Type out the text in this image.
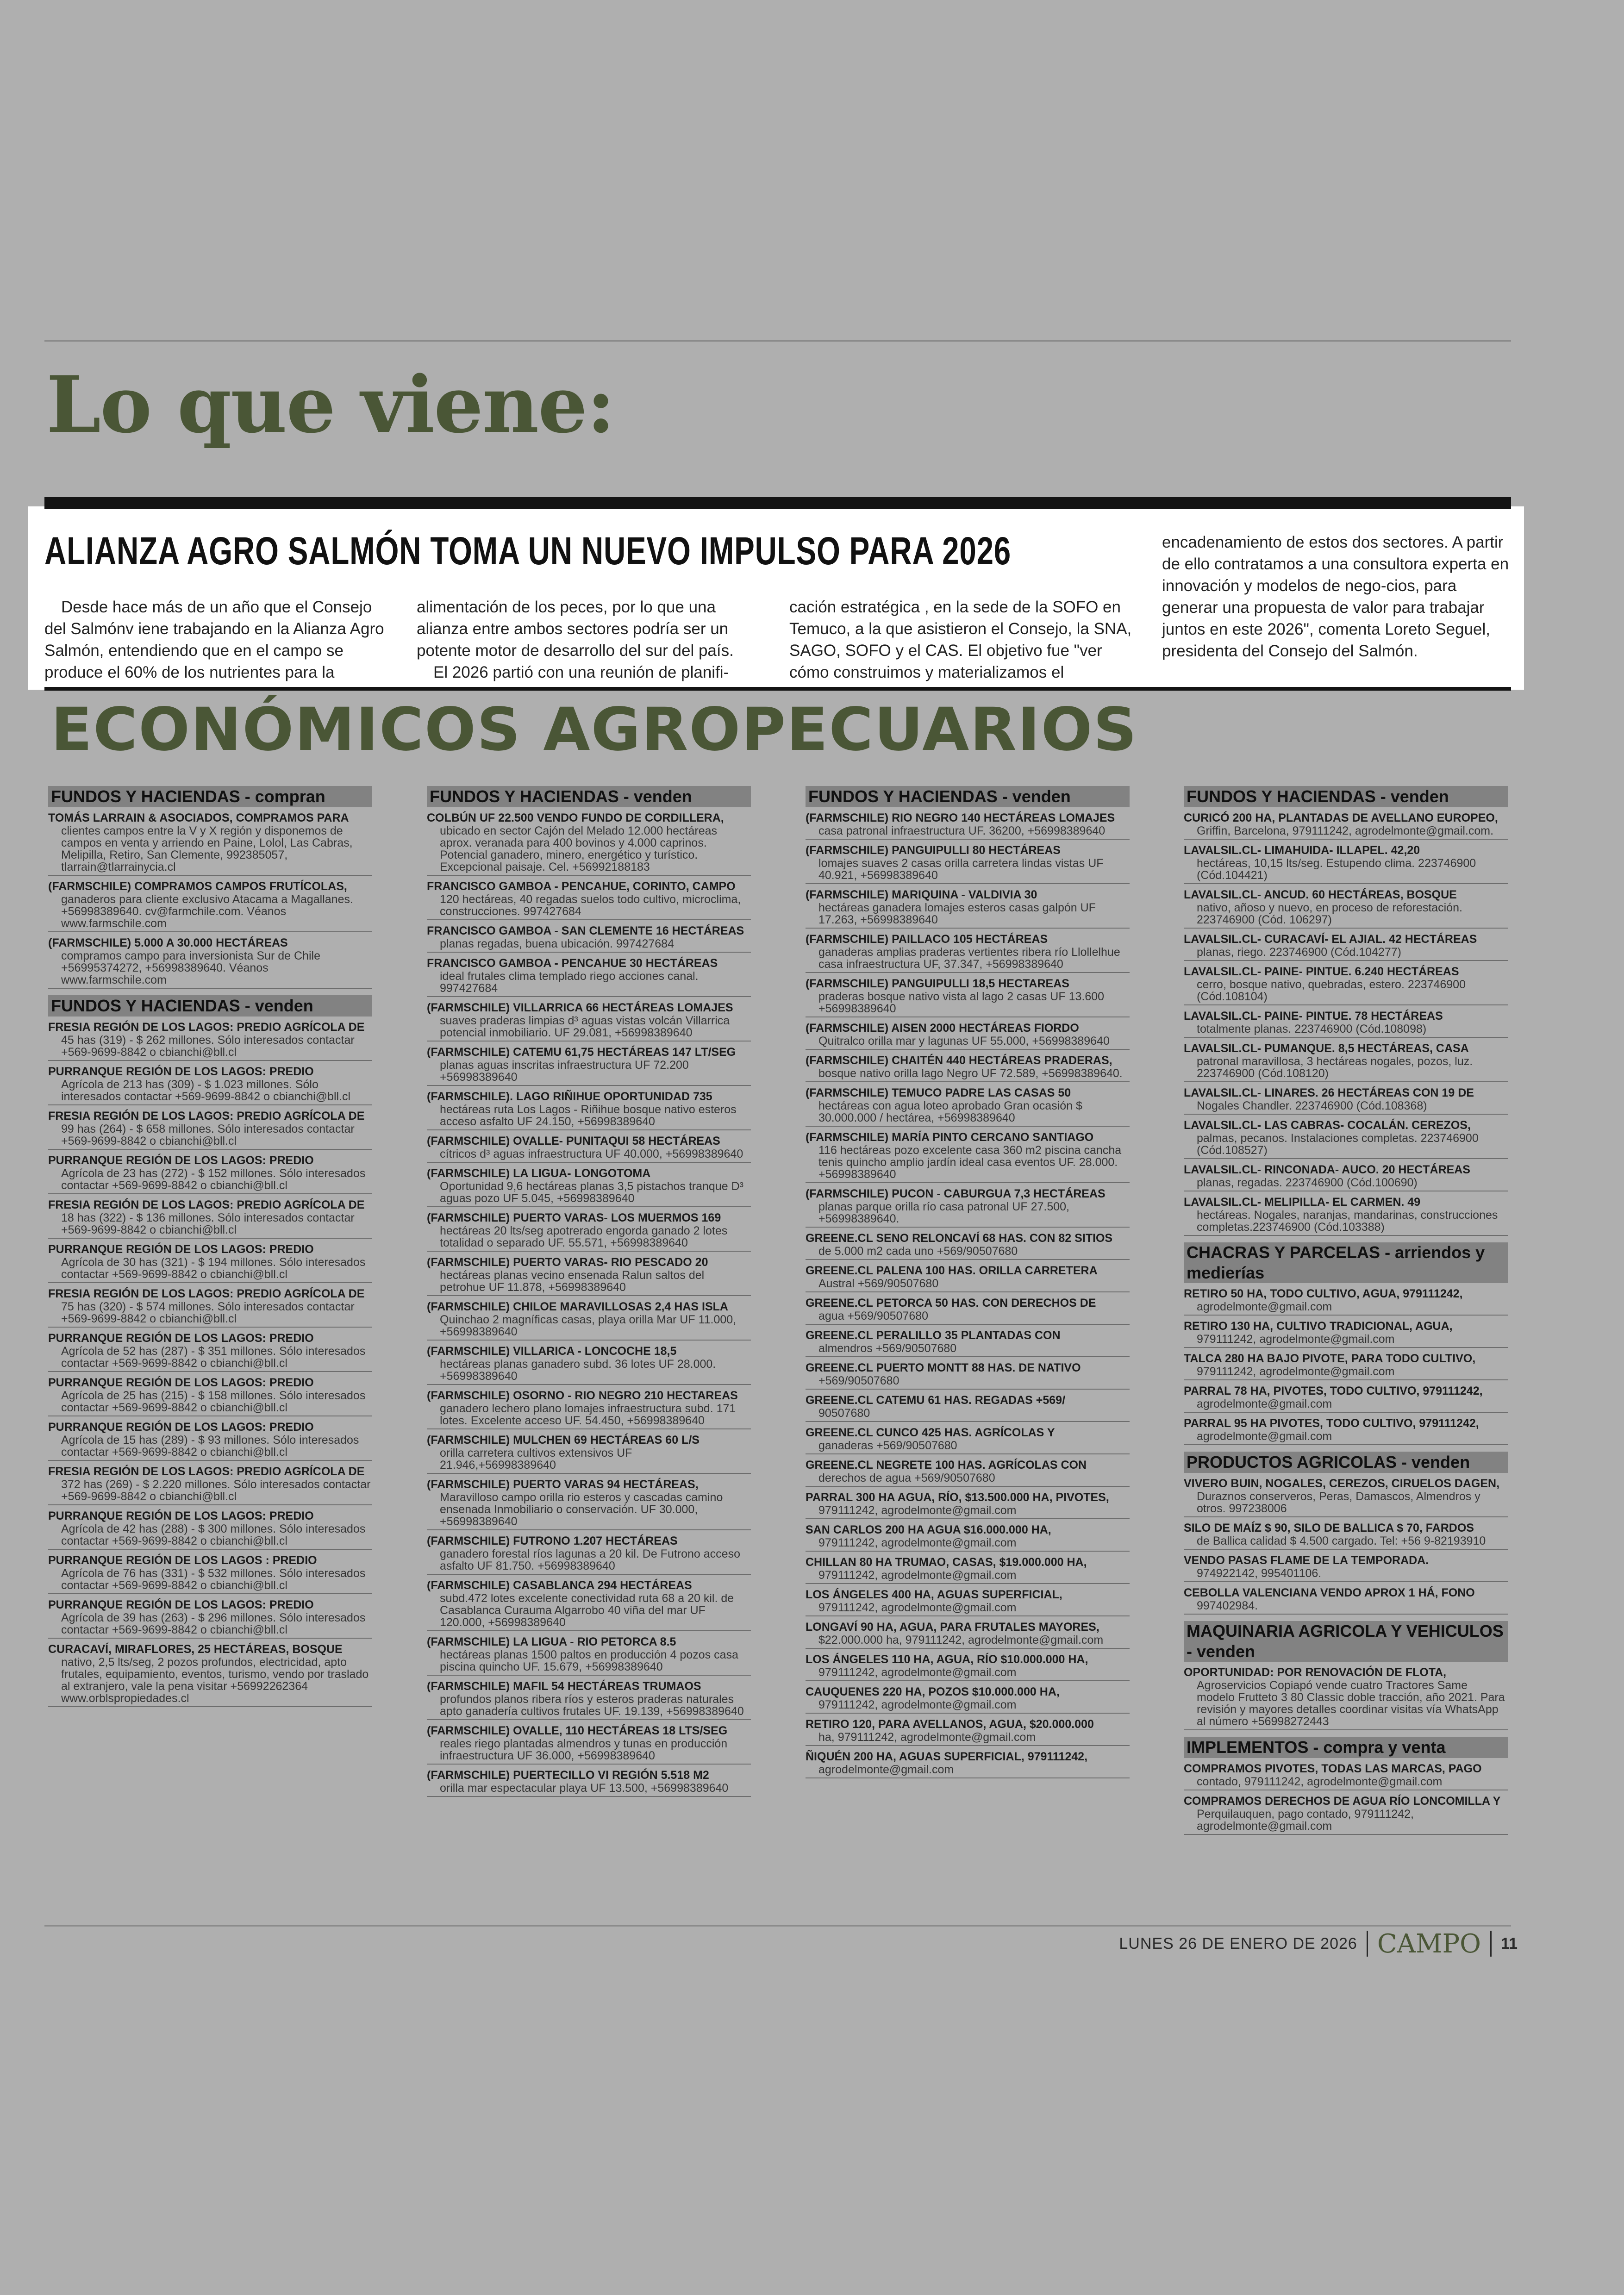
Lo que viene:
ALIANZA AGRO SALMÓN TOMA UN NUEVO IMPULSO PARA 2026

Desde hace más de un año que el Consejo del Salmónv iene trabajando en la Alianza Agro Salmón, entendiendo que en el campo se produce el 60% de los nutrientes para la

alimentación de los peces, por lo que una alianza entre ambos sectores podría ser un potente motor de desarrollo del sur del país.

El 2026 partió con una reunión de planifi-

cación estratégica , en la sede de la SOFO en Temuco, a la que asistieron el Consejo, la SNA, SAGO, SOFO y el CAS. El objetivo fue "ver cómo construimos y materializamos el

encadenamiento de estos dos sectores. A partir de ello contratamos a una consultora experta en innovación y modelos de nego-cios, para generar una propuesta de valor para trabajar juntos en este 2026", comenta Loreto Seguel, presidenta del Consejo del Salmón.

ECONÓMICOS AGROPECUARIOS
FUNDOS Y HACIENDAS - compran
TOMÁS LARRAIN & ASOCIADOS, COMPRAMOS PARA
clientes campos entre la V y X región y disponemos de campos en venta y arriendo en Paine, Lolol, Las Cabras, Melipilla, Retiro, San Clemente, 992385057, tlarrain@tlarrainycia.cl
(FARMSCHILE) COMPRAMOS CAMPOS FRUTÍCOLAS,
ganaderos para cliente exclusivo Atacama a Magallanes. +56998389640. cv@farmchile.com. Véanos www.farmschile.com
(FARMSCHILE) 5.000 A 30.000 HECTÁREAS
compramos campo para inversionista Sur de Chile +56995374272, +56998389640. Véanos www.farmschile.com
FUNDOS Y HACIENDAS - venden
FRESIA REGIÓN DE LOS LAGOS: PREDIO AGRÍCOLA DE
45 has (319) - $ 262 millones. Sólo interesados contactar +569-9699-8842 o cbianchi@bll.cl
PURRANQUE REGIÓN DE LOS LAGOS: PREDIO
Agrícola de 213 has (309) - $ 1.023 millones. Sólo interesados contactar +569-9699-8842 o cbianchi@bll.cl
FRESIA REGIÓN DE LOS LAGOS: PREDIO AGRÍCOLA DE
99 has (264) - $ 658 millones. Sólo interesados contactar +569-9699-8842 o cbianchi@bll.cl
PURRANQUE REGIÓN DE LOS LAGOS: PREDIO
Agrícola de 23 has (272) - $ 152 millones. Sólo interesados contactar +569-9699-8842 o cbianchi@bll.cl
FRESIA REGIÓN DE LOS LAGOS: PREDIO AGRÍCOLA DE
18 has (322) - $ 136 millones. Sólo interesados contactar +569-9699-8842 o cbianchi@bll.cl
PURRANQUE REGIÓN DE LOS LAGOS: PREDIO
Agrícola de 30 has (321) - $ 194 millones. Sólo interesados contactar +569-9699-8842 o cbianchi@bll.cl
FRESIA REGIÓN DE LOS LAGOS: PREDIO AGRÍCOLA DE
75 has (320) - $ 574 millones. Sólo interesados contactar +569-9699-8842 o cbianchi@bll.cl
PURRANQUE REGIÓN DE LOS LAGOS: PREDIO
Agrícola de 52 has (287) - $ 351 millones. Sólo interesados contactar +569-9699-8842 o cbianchi@bll.cl
PURRANQUE REGIÓN DE LOS LAGOS: PREDIO
Agrícola de 25 has (215) - $ 158 millones. Sólo interesados contactar +569-9699-8842 o cbianchi@bll.cl
PURRANQUE REGIÓN DE LOS LAGOS: PREDIO
Agrícola de 15 has (289) - $ 93 millones. Sólo interesados contactar +569-9699-8842 o cbianchi@bll.cl
FRESIA REGIÓN DE LOS LAGOS: PREDIO AGRÍCOLA DE
372 has (269) - $ 2.220 millones. Sólo interesados contactar +569-9699-8842 o cbianchi@bll.cl
PURRANQUE REGIÓN DE LOS LAGOS: PREDIO
Agrícola de 42 has (288) - $ 300 millones. Sólo interesados contactar +569-9699-8842 o cbianchi@bll.cl
PURRANQUE REGIÓN DE LOS LAGOS : PREDIO
Agrícola de 76 has (331) - $ 532 millones. Sólo interesados contactar +569-9699-8842 o cbianchi@bll.cl
PURRANQUE REGIÓN DE LOS LAGOS: PREDIO
Agrícola de 39 has (263) - $ 296 millones. Sólo interesados contactar +569-9699-8842 o cbianchi@bll.cl
CURACAVÍ, MIRAFLORES, 25 HECTÁREAS, BOSQUE
nativo, 2,5 lts/seg, 2 pozos profundos, electricidad, apto frutales, equipamiento, eventos, turismo, vendo por traslado al extranjero, vale la pena visitar +56992262364 www.orblspropiedades.cl
FUNDOS Y HACIENDAS - venden
COLBÚN UF 22.500 VENDO FUNDO DE CORDILLERA,
ubicado en sector Cajón del Melado 12.000 hectáreas aprox. veranada para 400 bovinos y 4.000 caprinos. Potencial ganadero, minero, energético y turístico. Excepcional paisaje. Cel. +56992188183
FRANCISCO GAMBOA - PENCAHUE, CORINTO, CAMPO
120 hectáreas, 40 regadas suelos todo cultivo, microclima, construcciones. 997427684
FRANCISCO GAMBOA - SAN CLEMENTE 16 HECTÁREAS
planas regadas, buena ubicación. 997427684
FRANCISCO GAMBOA - PENCAHUE 30 HECTÁREAS
ideal frutales clima templado riego acciones canal. 997427684
(FARMSCHILE) VILLARRICA 66 HECTÁREAS LOMAJES
suaves praderas limpias d³ aguas vistas volcán Villarrica potencial inmobiliario. UF 29.081, +56998389640
(FARMSCHILE) CATEMU 61,75 HECTÁREAS 147 LT/SEG
planas aguas inscritas infraestructura UF 72.200 +56998389640
(FARMSCHILE). LAGO RIÑIHUE OPORTUNIDAD 735
hectáreas ruta Los Lagos - Riñihue bosque nativo esteros acceso asfalto UF 24.150, +56998389640
(FARMSCHILE) OVALLE- PUNITAQUI 58 HECTÁREAS
cítricos d³ aguas infraestructura UF 40.000, +56998389640
(FARMSCHILE) LA LIGUA- LONGOTOMA
Oportunidad 9,6 hectáreas planas 3,5 pistachos tranque D³ aguas pozo UF 5.045, +56998389640
(FARMSCHILE) PUERTO VARAS- LOS MUERMOS 169
hectáreas 20 lts/seg apotrerado engorda ganado 2 lotes totalidad o separado UF. 55.571, +56998389640
(FARMSCHILE) PUERTO VARAS- RIO PESCADO 20
hectáreas planas vecino ensenada Ralun saltos del petrohue UF 11.878, +56998389640
(FARMSCHILE) CHILOE MARAVILLOSAS 2,4 HAS ISLA
Quinchao 2 magníficas casas, playa orilla Mar UF 11.000, +56998389640
(FARMSCHILE) VILLARICA - LONCOCHE 18,5
hectáreas planas ganadero subd. 36 lotes UF 28.000. +56998389640
(FARMSCHILE) OSORNO - RIO NEGRO 210 HECTAREAS
ganadero lechero plano lomajes infraestructura subd. 171 lotes. Excelente acceso UF. 54.450, +56998389640
(FARMSCHILE) MULCHEN 69 HECTÁREAS 60 L/S
orilla carretera cultivos extensivos UF 21.946,+56998389640
(FARMSCHILE) PUERTO VARAS 94 HECTÁREAS,
Maravilloso campo orilla rio esteros y cascadas camino ensenada Inmobiliario o conservación. UF 30.000, +56998389640
(FARMSCHILE) FUTRONO 1.207 HECTÁREAS
ganadero forestal ríos lagunas a 20 kil. De Futrono acceso asfalto UF 81.750. +56998389640
(FARMSCHILE) CASABLANCA 294 HECTÁREAS
subd.472 lotes excelente conectividad ruta 68 a 20 kil. de Casablanca Curauma Algarrobo 40 viña del mar UF 120.000, +56998389640
(FARMSCHILE) LA LIGUA - RIO PETORCA 8.5
hectáreas planas 1500 paltos en producción 4 pozos casa piscina quincho UF. 15.679, +56998389640
(FARMSCHILE) MAFIL 54 HECTÁREAS TRUMAOS
profundos planos ribera ríos y esteros praderas naturales apto ganadería cultivos frutales UF. 19.139, +56998389640
(FARMSCHILE) OVALLE, 110 HECTÁREAS 18 LTS/SEG
reales riego plantadas almendros y tunas en producción infraestructura UF 36.000, +56998389640
(FARMSCHILE) PUERTECILLO VI REGIÓN 5.518 M2
orilla mar espectacular playa UF 13.500, +56998389640
FUNDOS Y HACIENDAS - venden
(FARMSCHILE) RIO NEGRO 140 HECTÁREAS LOMAJES
casa patronal infraestructura UF. 36200, +56998389640
(FARMSCHILE) PANGUIPULLI 80 HECTÁREAS
lomajes suaves 2 casas orilla carretera lindas vistas UF 40.921, +56998389640
(FARMSCHILE) MARIQUINA - VALDIVIA 30
hectáreas ganadera lomajes esteros casas galpón UF 17.263, +56998389640
(FARMSCHILE) PAILLACO 105 HECTÁREAS
ganaderas amplias praderas vertientes ribera río Llollelhue casa infraestructura UF, 37.347, +56998389640
(FARMSCHILE) PANGUIPULLI 18,5 HECTAREAS
praderas bosque nativo vista al lago 2 casas UF 13.600 +56998389640
(FARMSCHILE) AISEN 2000 HECTÁREAS FIORDO
Quitralco orilla mar y lagunas UF 55.000, +56998389640
(FARMSCHILE) CHAITÉN 440 HECTÁREAS PRADERAS,
bosque nativo orilla lago Negro UF 72.589, +56998389640.
(FARMSCHILE) TEMUCO PADRE LAS CASAS 50
hectáreas con agua loteo aprobado Gran ocasión $ 30.000.000 / hectárea, +56998389640
(FARMSCHILE) MARÍA PINTO CERCANO SANTIAGO
116 hectáreas pozo excelente casa 360 m2 piscina cancha tenis quincho amplio jardín ideal casa eventos UF. 28.000. +56998389640
(FARMSCHILE) PUCON - CABURGUA 7,3 HECTÁREAS
planas parque orilla río casa patronal UF 27.500, +56998389640.
GREENE.CL SENO RELONCAVÍ 68 HAS. CON 82 SITIOS
de 5.000 m2 cada uno +569/90507680
GREENE.CL PALENA 100 HAS. ORILLA CARRETERA
Austral +569/90507680
GREENE.CL PETORCA 50 HAS. CON DERECHOS DE
agua +569/90507680
GREENE.CL PERALILLO 35 PLANTADAS CON
almendros +569/90507680
GREENE.CL PUERTO MONTT 88 HAS. DE NATIVO
+569/90507680
GREENE.CL CATEMU 61 HAS. REGADAS +569/
90507680
GREENE.CL CUNCO 425 HAS. AGRÍCOLAS Y
ganaderas +569/90507680
GREENE.CL NEGRETE 100 HAS. AGRÍCOLAS CON
derechos de agua +569/90507680
PARRAL 300 HA AGUA, RÍO, $13.500.000 HA, PIVOTES,
979111242, agrodelmonte@gmail.com
SAN CARLOS 200 HA AGUA $16.000.000 HA,
979111242, agrodelmonte@gmail.com
CHILLAN 80 HA TRUMAO, CASAS, $19.000.000 HA,
979111242, agrodelmonte@gmail.com
LOS ÁNGELES 400 HA, AGUAS SUPERFICIAL,
979111242, agrodelmonte@gmail.com
LONGAVÍ 90 HA, AGUA, PARA FRUTALES MAYORES,
$22.000.000 ha, 979111242, agrodelmonte@gmail.com
LOS ÁNGELES 110 HA, AGUA, RÍO $10.000.000 HA,
979111242, agrodelmonte@gmail.com
CAUQUENES 220 HA, POZOS $10.000.000 HA,
979111242, agrodelmonte@gmail.com
RETIRO 120, PARA AVELLANOS, AGUA, $20.000.000
ha, 979111242, agrodelmonte@gmail.com
ÑIQUÉN 200 HA, AGUAS SUPERFICIAL, 979111242,
agrodelmonte@gmail.com
FUNDOS Y HACIENDAS - venden
CURICÓ 200 HA, PLANTADAS DE AVELLANO EUROPEO,
Griffin, Barcelona, 979111242, agrodelmonte@gmail.com.
LAVALSIL.CL- LIMAHUIDA- ILLAPEL. 42,20
hectáreas, 10,15 lts/seg. Estupendo clima. 223746900 (Cód.104421)
LAVALSIL.CL- ANCUD. 60 HECTÁREAS, BOSQUE
nativo, añoso y nuevo, en proceso de reforestación. 223746900 (Cód. 106297)
LAVALSIL.CL- CURACAVÍ- EL AJIAL. 42 HECTÁREAS
planas, riego. 223746900 (Cód.104277)
LAVALSIL.CL- PAINE- PINTUE. 6.240 HECTÁREAS
cerro, bosque nativo, quebradas, estero. 223746900 (Cód.108104)
LAVALSIL.CL- PAINE- PINTUE. 78 HECTÁREAS
totalmente planas. 223746900 (Cód.108098)
LAVALSIL.CL- PUMANQUE. 8,5 HECTÁREAS, CASA
patronal maravillosa, 3 hectáreas nogales, pozos, luz. 223746900 (Cód.108120)
LAVALSIL.CL- LINARES. 26 HECTÁREAS CON 19 DE
Nogales Chandler. 223746900 (Cód.108368)
LAVALSIL.CL- LAS CABRAS- COCALÁN. CEREZOS,
palmas, pecanos. Instalaciones completas. 223746900 (Cód.108527)
LAVALSIL.CL- RINCONADA- AUCO. 20 HECTÁREAS
planas, regadas. 223746900 (Cód.100690)
LAVALSIL.CL- MELIPILLA- EL CARMEN. 49
hectáreas. Nogales, naranjas, mandarinas, construcciones completas.223746900 (Cód.103388)
CHACRAS Y PARCELAS - arriendos y medierías
RETIRO 50 HA, TODO CULTIVO, AGUA, 979111242,
agrodelmonte@gmail.com
RETIRO 130 HA, CULTIVO TRADICIONAL, AGUA,
979111242, agrodelmonte@gmail.com
TALCA 280 HA BAJO PIVOTE, PARA TODO CULTIVO,
979111242, agrodelmonte@gmail.com
PARRAL 78 HA, PIVOTES, TODO CULTIVO, 979111242,
agrodelmonte@gmail.com
PARRAL 95 HA PIVOTES, TODO CULTIVO, 979111242,
agrodelmonte@gmail.com
PRODUCTOS AGRICOLAS - venden
VIVERO BUIN, NOGALES, CEREZOS, CIRUELOS DAGEN,
Duraznos conserveros, Peras, Damascos, Almendros y otros. 997238006
SILO DE MAÍZ $ 90, SILO DE BALLICA $ 70, FARDOS
de Ballica calidad $ 4.500 cargado. Tel: +56 9-82193910
VENDO PASAS FLAME DE LA TEMPORADA.
974922142, 995401106.
CEBOLLA VALENCIANA VENDO APROX 1 HÁ, FONO
997402984.
MAQUINARIA AGRICOLA Y VEHICULOS - venden
OPORTUNIDAD: POR RENOVACIÓN DE FLOTA,
Agroservicios Copiapó vende cuatro Tractores Same modelo Frutteto 3 80 Classic doble tracción, año 2021. Para revisión y mayores detalles coordinar visitas vía WhatsApp al número +56998272443
IMPLEMENTOS - compra y venta
COMPRAMOS PIVOTES, TODAS LAS MARCAS, PAGO
contado, 979111242, agrodelmonte@gmail.com
COMPRAMOS DERECHOS DE AGUA RÍO LONCOMILLA Y
Perquilauquen, pago contado, 979111242, agrodelmonte@gmail.com
LUNES 26 DE ENERO DE 2026 CAMPO 11
